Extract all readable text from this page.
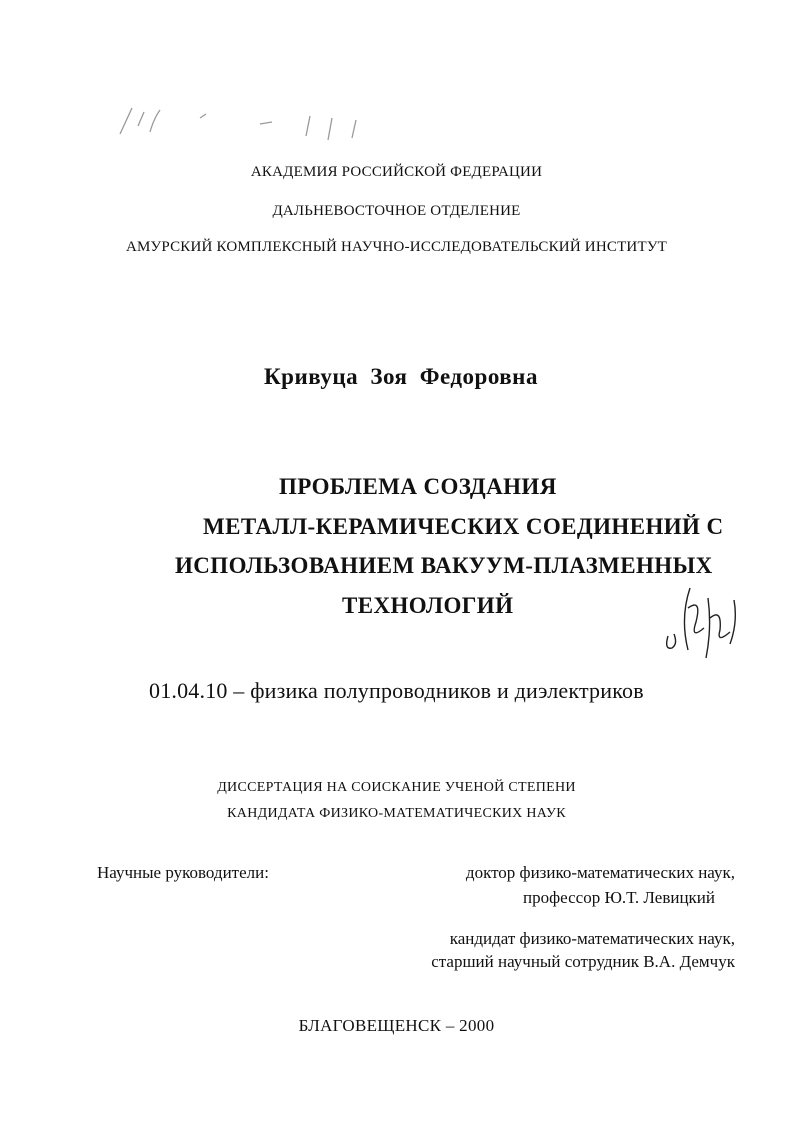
АКАДЕМИЯ РОССИЙСКОЙ ФЕДЕРАЦИИ
ДАЛЬНЕВОСТОЧНОЕ ОТДЕЛЕНИЕ
АМУРСКИЙ КОМПЛЕКСНЫЙ НАУЧНО-ИССЛЕДОВАТЕЛЬСКИЙ ИНСТИТУТ
Кривуца Зоя Федоровна
ПРОБЛЕМА СОЗДАНИЯ
МЕТАЛЛ-КЕРАМИЧЕСКИХ СОЕДИНЕНИЙ С
ИСПОЛЬЗОВАНИЕМ ВАКУУМ-ПЛАЗМЕННЫХ
ТЕХНОЛОГИЙ
01.04.10 – физика полупроводников и диэлектриков
ДИССЕРТАЦИЯ НА СОИСКАНИЕ УЧЕНОЙ СТЕПЕНИ
КАНДИДАТА ФИЗИКО-МАТЕМАТИЧЕСКИХ НАУК
Научные руководители:	доктор физико-математических наук,
профессор Ю.Т. Левицкий
кандидат физико-математических наук,
старший научный сотрудник В.А. Демчук
БЛАГОВЕЩЕНСК – 2000
